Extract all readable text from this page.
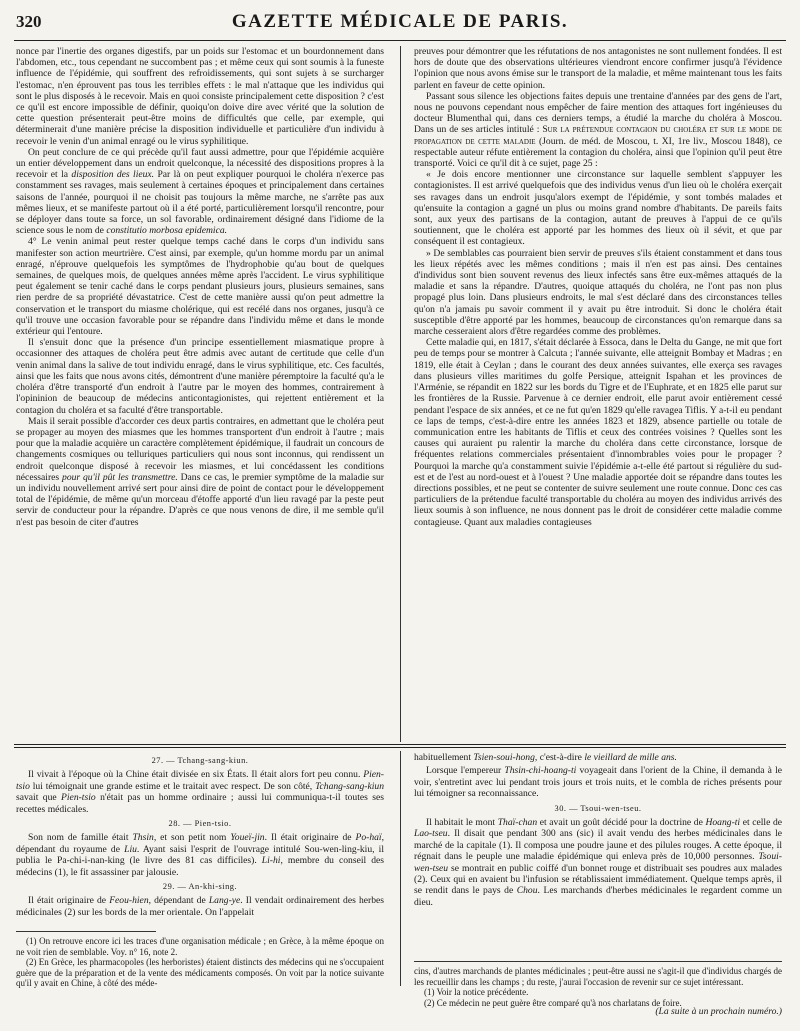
320	GAZETTE MÉDICALE DE PARIS.

nonce par l'inertie des organes digestifs, par un poids sur l'estomac et un bourdonnement dans l'abdomen, etc., tous cependant ne succombent pas ; et même ceux qui sont soumis à la funeste influence de l'épidémie, qui souffrent des refroidissements, qui sont sujets à se surcharger l'estomac, n'en éprouvent pas tous les terribles effets : le mal n'attaque que les individus qui sont le plus disposés à le recevoir. Mais en quoi consiste principalement cette disposition ? c'est ce qu'il est encore impossible de définir, quoiqu'on doive dire avec vérité que la solution de cette question présenterait peut-être moins de difficultés que celle, par exemple, qui déterminerait d'une manière précise la disposition individuelle et particulière d'un individu à recevoir le venin d'un animal enragé ou le virus syphilitique.

On peut conclure de ce qui précède qu'il faut aussi admettre, pour que l'épidémie acquière un entier développement dans un endroit quelconque, la nécessité des dispositions propres à la recevoir et la disposition des lieux. Par là on peut expliquer pourquoi le choléra n'exerce pas constamment ses ravages, mais seulement à certaines époques et principalement dans certaines saisons de l'année, pourquoi il ne choisit pas toujours la même marche, ne s'arrête pas aux mêmes lieux, et se manifeste partout où il a été porté, particulièrement lorsqu'il rencontre, pour se déployer dans toute sa force, un sol favorable, ordinairement désigné dans l'idiome de la science sous le nom de constitutio morbosa epidemica.

4° Le venin animal peut rester quelque temps caché dans le corps d'un individu sans manifester son action meurtrière. C'est ainsi, par exemple, qu'un homme mordu par un animal enragé, n'éprouve quelquefois les symptômes de l'hydrophobie qu'au bout de quelques semaines, de quelques mois, de quelques années même après l'accident. Le virus syphilitique peut également se tenir caché dans le corps pendant plusieurs jours, plusieurs semaines, sans rien perdre de sa propriété dévastatrice. C'est de cette manière aussi qu'on peut admettre la conservation et le transport du miasme cholérique, qui est recélé dans nos organes, jusqu'à ce qu'il trouve une occasion favorable pour se répandre dans l'individu même et dans le monde extérieur qui l'entoure.

Il s'ensuit donc que la présence d'un principe essentiellement miasmatique propre à occasionner des attaques de choléra peut être admis avec autant de certitude que celle d'un venin animal dans la salive de tout individu enragé, dans le virus syphilitique, etc. Ces facultés, ainsi que les faits que nous avons cités, démontrent d'une manière péremptoire la faculté qu'a le choléra d'être transporté d'un endroit à l'autre par le moyen des hommes, contrairement à l'opininion de beaucoup de médecins anticontagionistes, qui rejettent entièrement et la contagion du choléra et sa faculté d'être transportable.

Mais il serait possible d'accorder ces deux partis contraires, en admettant que le choléra peut se propager au moyen des miasmes que les hommes transportent d'un endroit à l'autre ; mais pour que la maladie acquière un caractère complètement épidémique, il faudrait un concours de changements cosmiques ou telluriques particuliers qui nous sont inconnus, qui rendissent un endroit quelconque disposé à recevoir les miasmes, et lui concédassent les conditions nécessaires pour qu'il pût les transmettre. Dans ce cas, le premier symptôme de la maladie sur un individu nouvellement arrivé sert pour ainsi dire de point de contact pour le développement total de l'épidémie, de même qu'un morceau d'étoffe apporté d'un lieu ravagé par la peste peut servir de conducteur pour la répandre. D'après ce que nous venons de dire, il me semble qu'il n'est pas besoin de citer d'autres

preuves pour démontrer que les réfutations de nos antagonistes ne sont nullement fondées. Il est hors de doute que des observations ultérieures viendront encore confirmer jusqu'à l'évidence l'opinion que nous avons émise sur le transport de la maladie, et même maintenant tous les faits parlent en faveur de cette opinion.

Passant sous silence les objections faites depuis une trentaine d'années par des gens de l'art, nous ne pouvons cependant nous empêcher de faire mention des attaques fort ingénieuses du docteur Blumenthal qui, dans ces derniers temps, a étudié la marche du choléra à Moscou. Dans un de ses articles intitulé : Sur la prétendue contagion du choléra et sur le mode de propagation de cette maladie (Journ. de méd. de Moscou, t. XI, 1re liv., Moscou 1848), ce respectable auteur réfute entièrement la contagion du choléra, ainsi que l'opinion qu'il peut être transporté. Voici ce qu'il dit à ce sujet, page 25 :

« Je dois encore mentionner une circonstance sur laquelle semblent s'appuyer les contagionistes. Il est arrivé quelquefois que des individus venus d'un lieu où le choléra exerçait ses ravages dans un endroit jusqu'alors exempt de l'épidémie, y sont tombés malades et qu'ensuite la contagion a gagné un plus ou moins grand nombre d'habitants. De pareils faits sont, aux yeux des partisans de la contagion, autant de preuves à l'appui de ce qu'ils soutiennent, que le choléra est apporté par les hommes des lieux où il sévit, et que par conséquent il est contagieux.

» De semblables cas pourraient bien servir de preuves s'ils étaient constamment et dans tous les lieux répétés avec les mêmes conditions ; mais il n'en est pas ainsi. Des centaines d'individus sont bien souvent revenus des lieux infectés sans être eux-mêmes attaqués de la maladie et sans la répandre. D'autres, quoique attaqués du choléra, ne l'ont pas non plus propagé plus loin. Dans plusieurs endroits, le mal s'est déclaré dans des circonstances telles qu'on n'a jamais pu savoir comment il y avait pu être introduit. Si donc le choléra était susceptible d'être apporté par les hommes, beaucoup de circonstances qu'on remarque dans sa marche cesseraient alors d'être regardées comme des problèmes.

Cette maladie qui, en 1817, s'était déclarée à Essoca, dans le Delta du Gange, ne mit que fort peu de temps pour se montrer à Calcuta ; l'année suivante, elle atteignit Bombay et Madras ; en 1819, elle était à Ceylan ; dans le courant des deux années suivantes, elle exerça ses ravages dans plusieurs villes maritimes du golfe Persique, atteignit Ispahan et les provinces de l'Arménie, se répandit en 1822 sur les bords du Tigre et de l'Euphrate, et en 1825 elle parut sur les frontières de la Russie. Parvenue à ce dernier endroit, elle parut avoir entièrement cessé pendant l'espace de six années, et ce ne fut qu'en 1829 qu'elle ravagea Tiflis. Y a-t-il eu pendant ce laps de temps, c'est-à-dire entre les années 1823 et 1829, absence partielle ou totale de communication entre les habitants de Tiflis et ceux des contrées voisines ? Quelles sont les causes qui auraient pu ralentir la marche du choléra dans cette circonstance, lorsque de fréquentes relations commerciales présentaient d'innombrables voies pour le propager ? Pourquoi la marche qu'a constamment suivie l'épidémie a-t-elle été partout si régulière du sud-est et de l'est au nord-ouest et à l'ouest ? Une maladie apportée doit se répandre dans toutes les directions possibles, et ne peut se contenter de suivre seulement une route connue. Donc ces cas particuliers de la prétendue faculté transportable du choléra au moyen des individus arrivés des lieux soumis à son influence, ne nous donnent pas le droit de considérer cette maladie comme contagieuse. Quant aux maladies contagieuses

27. — Tchang-sang-kiun.

Il vivait à l'époque où la Chine était divisée en six États. Il était alors fort peu connu. Pien-tsio lui témoignait une grande estime et le traitait avec respect. De son côté, Tchang-sang-kiun savait que Pien-tsio n'était pas un homme ordinaire ; aussi lui communiqua-t-il toutes ses recettes médicales.

28. — Pien-tsio.

Son nom de famille était Thsin, et son petit nom Youeï-jin. Il était originaire de Po-haï, dépendant du royaume de Liu. Ayant saisi l'esprit de l'ouvrage intitulé Sou-wen-ling-kiu, il publia le Pa-chi-i-nan-king (le livre des 81 cas difficiles). Li-hi, membre du conseil des médecins (1), le fit assassiner par jalousie.

29. — An-khi-sing.

Il était originaire de Feou-hien, dépendant de Lang-ye. Il vendait ordinairement des herbes médicinales (2) sur les bords de la mer orientale. On l'appelait

(1) On retrouve encore ici les traces d'une organisation médicale ; en Grèce, à la même époque on ne voit rien de semblable. Voy. n° 16, note 2.

(2) En Grèce, les pharmacopoles (les herboristes) étaient distincts des médecins qui ne s'occupaient guère que de la préparation et de la vente des médicaments composés. On voit par la notice suivante qu'il y avait en Chine, à côté des méde-

habituellement Tsien-soui-hong, c'est-à-dire le vieillard de mille ans.

Lorsque l'empereur Thsin-chi-hoang-ti voyageait dans l'orient de la Chine, il demanda à le voir, s'entretint avec lui pendant trois jours et trois nuits, et le combla de riches présents pour lui témoigner sa reconnaissance.

30. — Tsoui-wen-tseu.

Il habitait le mont Thaï-chan et avait un goût décidé pour la doctrine de Hoang-ti et celle de Lao-tseu. Il disait que pendant 300 ans (sic) il avait vendu des herbes médicinales dans le marché de la capitale (1). Il composa une poudre jaune et des pilules rouges. A cette époque, il régnait dans le peuple une maladie épidémique qui enleva près de 10,000 personnes. Tsoui-wen-tseu se montrait en public coiffé d'un bonnet rouge et distribuait ses poudres aux malades (2). Ceux qui en avaient bu l'infusion se rétablissaient immédiatement. Quelque temps après, il se rendit dans le pays de Chou. Les marchands d'herbes médicinales le regardent comme un dieu.

cins, d'autres marchands de plantes médicinales ; peut-être aussi ne s'agit-il que d'individus chargés de les recueillir dans les champs ; du reste, j'aurai l'occasion de revenir sur ce sujet intéressant.

(1) Voir la notice précédente.

(2) Ce médecin ne peut guère être comparé qu'à nos charlatans de foire.

(La suite à un prochain numéro.)
